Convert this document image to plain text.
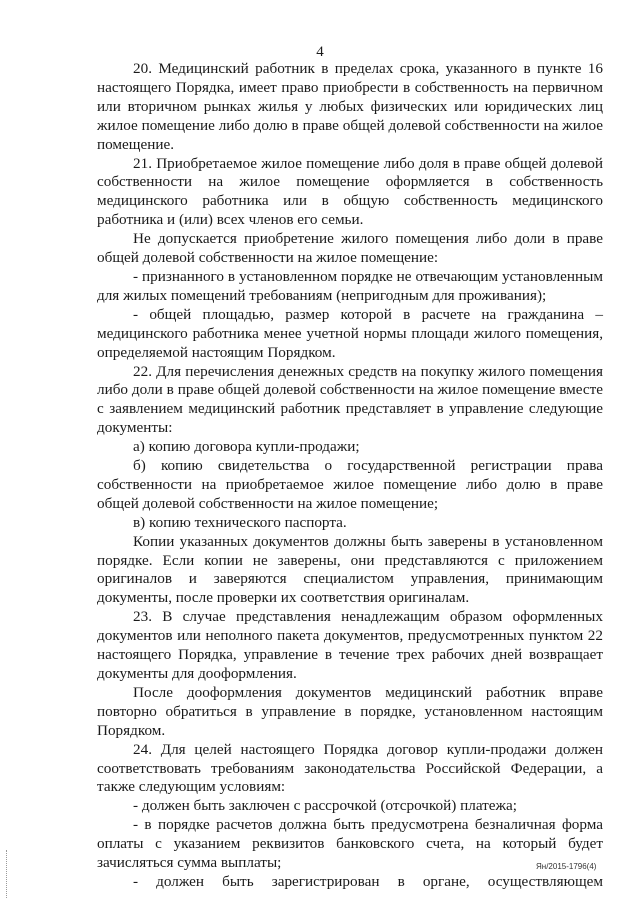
4

20. Медицинский работник в пределах срока, указанного в пункте 16 настоящего Порядка, имеет право приобрести в собственность на первичном или вторичном рынках жилья у любых физических или юридических лиц жилое помещение либо долю в праве общей долевой собственности на жилое помещение.

21. Приобретаемое жилое помещение либо доля в праве общей долевой собственности на жилое помещение оформляется в собственность медицинского работника или в общую собственность медицинского работника и (или) всех членов его семьи.

Не допускается приобретение жилого помещения либо доли в праве общей долевой собственности на жилое помещение:

- признанного в установленном порядке не отвечающим установленным для жилых помещений требованиям (непригодным для проживания);

- общей площадью, размер которой в расчете на гражданина – медицинского работника менее учетной нормы площади жилого помещения, определяемой настоящим Порядком.

22. Для перечисления денежных средств на покупку жилого помещения либо доли в праве общей долевой собственности на жилое помещение вместе с заявлением медицинский работник представляет в управление следующие документы:

а) копию договора купли-продажи;

б) копию свидетельства о государственной регистрации права собственности на приобретаемое жилое помещение либо долю в праве общей долевой собственности на жилое помещение;

в) копию технического паспорта.

Копии указанных документов должны быть заверены в установленном порядке. Если копии не заверены, они представляются с приложением оригиналов и заверяются специалистом управления, принимающим документы, после проверки их соответствия оригиналам.

23. В случае представления ненадлежащим образом оформленных документов или неполного пакета документов, предусмотренных пунктом 22 настоящего Порядка, управление в течение трех рабочих дней возвращает документы для дооформления.

После дооформления документов медицинский работник вправе повторно обратиться в управление в порядке, установленном настоящим Порядком.

24. Для целей настоящего Порядка договор купли-продажи должен соответствовать требованиям законодательства Российской Федерации, а также следующим условиям:

- должен быть заключен с рассрочкой (отсрочкой) платежа;

- в порядке расчетов должна быть предусмотрена безналичная форма оплаты с указанием реквизитов банковского счета, на который будет зачисляться сумма выплаты;

- должен быть зарегистрирован в органе, осуществляющем

Ян/2015-1796(4)
